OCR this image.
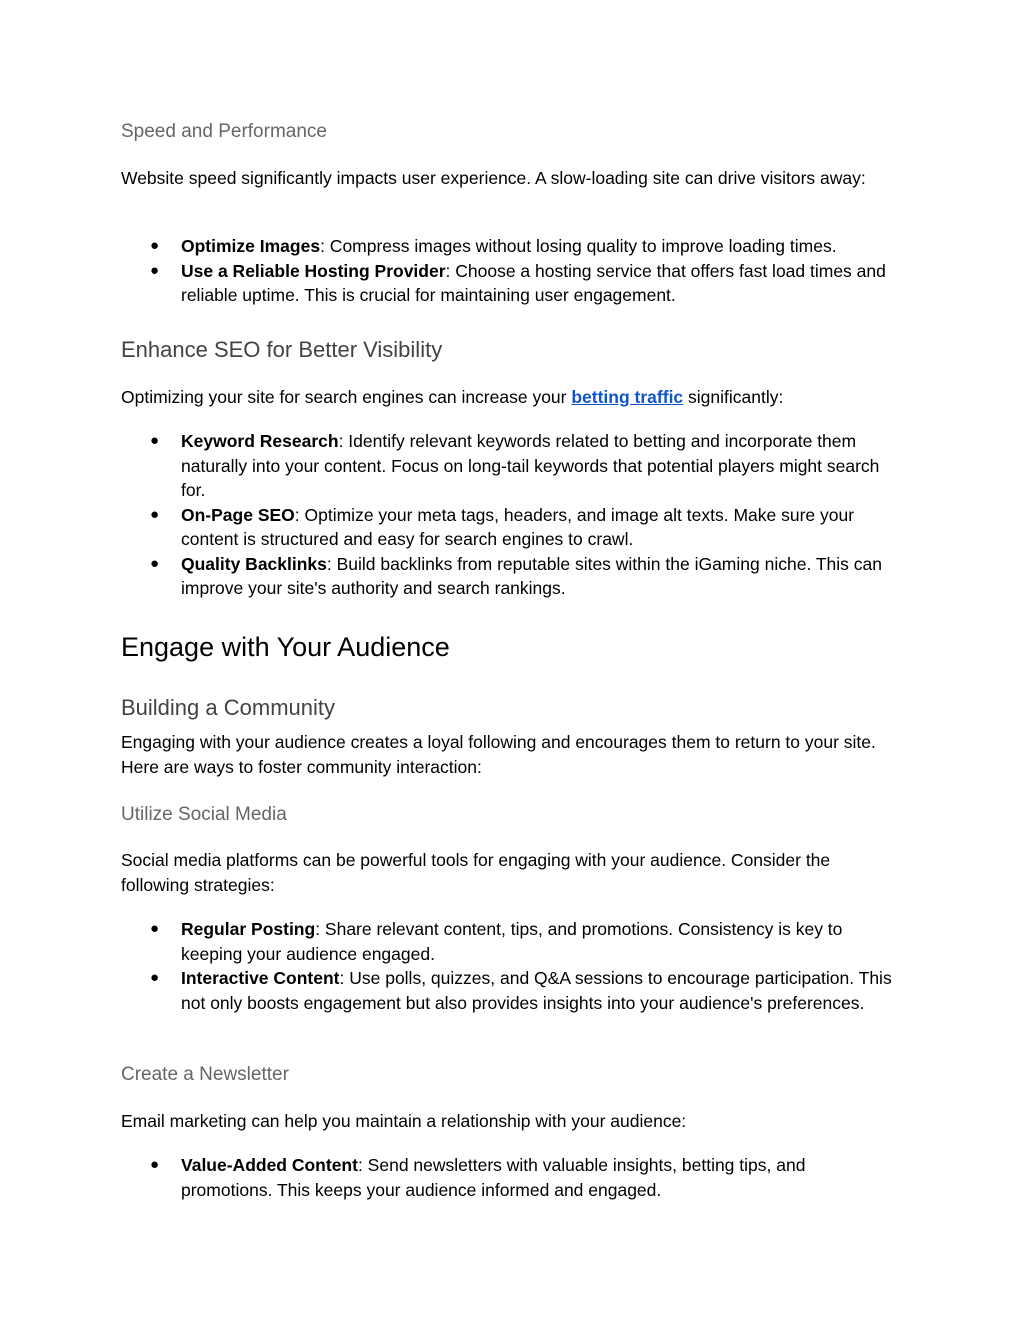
Speed and Performance

Website speed significantly impacts user experience. A slow-loading site can drive visitors away:

● Optimize Images: Compress images without losing quality to improve loading times.
● Use a Reliable Hosting Provider: Choose a hosting service that offers fast load times and reliable uptime. This is crucial for maintaining user engagement.
Enhance SEO for Better Visibility

Optimizing your site for search engines can increase your betting traffic significantly:

● Keyword Research: Identify relevant keywords related to betting and incorporate them naturally into your content. Focus on long-tail keywords that potential players might search for.
● On-Page SEO: Optimize your meta tags, headers, and image alt texts. Make sure your content is structured and easy for search engines to crawl.
● Quality Backlinks: Build backlinks from reputable sites within the iGaming niche. This can improve your site's authority and search rankings.
Engage with Your Audience
Building a Community

Engaging with your audience creates a loyal following and encourages them to return to your site. Here are ways to foster community interaction:

Utilize Social Media

Social media platforms can be powerful tools for engaging with your audience. Consider the following strategies:

● Regular Posting: Share relevant content, tips, and promotions. Consistency is key to keeping your audience engaged.
● Interactive Content: Use polls, quizzes, and Q&A sessions to encourage participation. This not only boosts engagement but also provides insights into your audience's preferences.
Create a Newsletter

Email marketing can help you maintain a relationship with your audience:

● Value-Added Content: Send newsletters with valuable insights, betting tips, and promotions. This keeps your audience informed and engaged.
